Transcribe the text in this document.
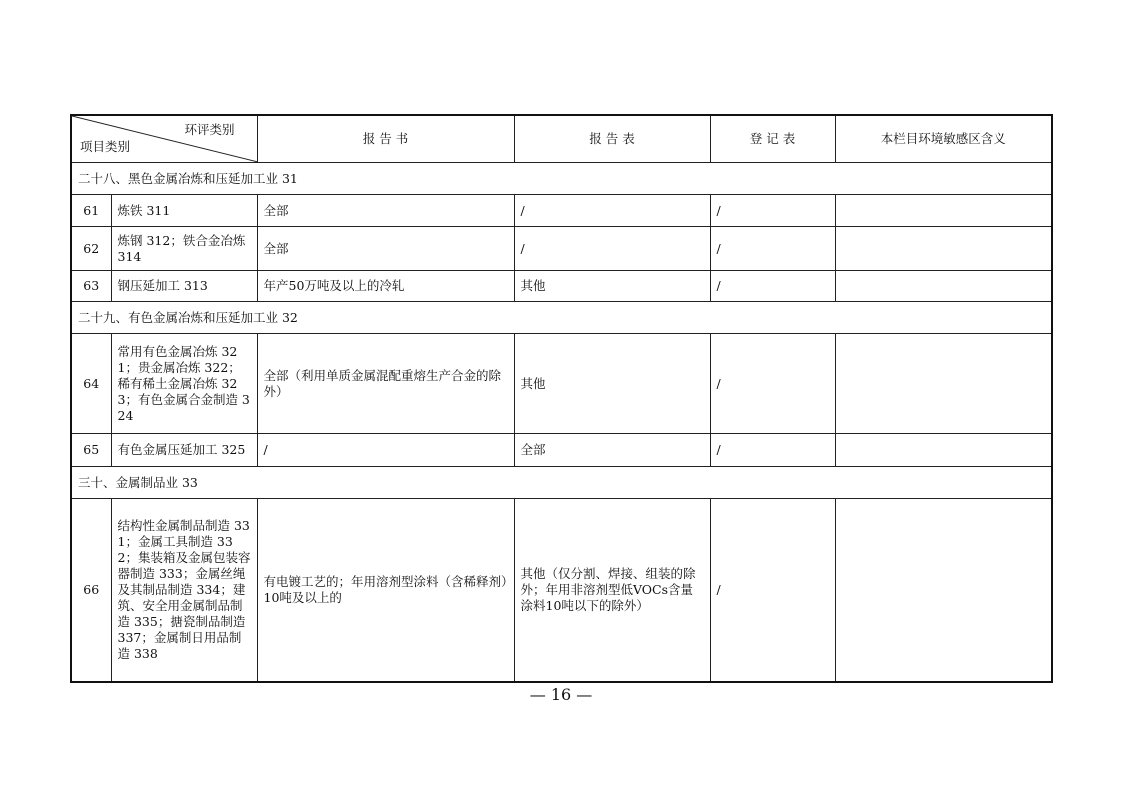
环评类别
项目类别		报 告 书	报 告 表	登 记 表	本栏目环境敏感区含义
二十八、黑色金属冶炼和压延加工业 31					
61	炼铁 311	全部	/	/	
62	炼钢 312；铁合金冶炼 314	全部	/	/	
63	钢压延加工 313	年产50万吨及以上的冷轧	其他	/	
二十九、有色金属冶炼和压延加工业 32					
64	常用有色金属冶炼 321；贵金属冶炼 322；稀有稀土金属冶炼 323；有色金属合金制造 324	全部（利用单质金属混配重熔生产合金的除外）	其他	/	
65	有色金属压延加工 325	/	全部	/	
三十、金属制品业 33					
66	结构性金属制品制造 331；金属工具制造 332；集装箱及金属包装容器制造 333；金属丝绳及其制品制造 334；建筑、安全用金属制品制造 335；搪瓷制品制造 337；金属制日用品制造 338	有电镀工艺的；年用溶剂型涂料（含稀释剂）10吨及以上的	其他（仅分割、焊接、组装的除外；年用非溶剂型低VOCs含量涂料10吨以下的除外）	/	
— 16 —
